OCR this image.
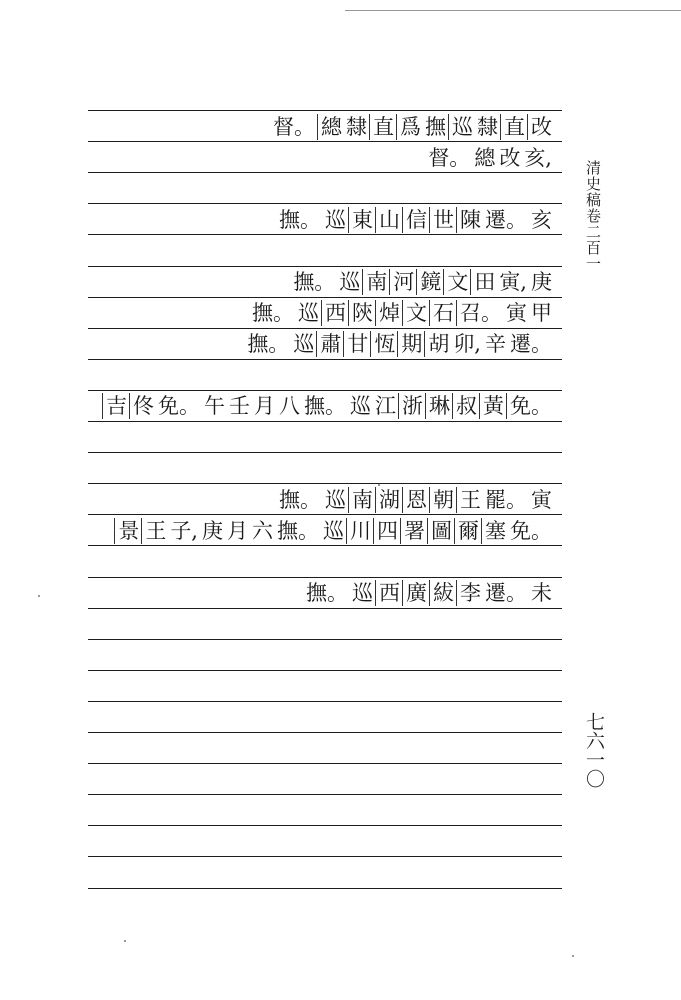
督。 總 隸 直 爲 撫 巡 隸 直 改
督。 總 改 亥,
撫。 巡 東 山 信 世 陳 遷。 亥
撫。 巡 南 河 鏡 文 田 寅, 庚
撫。 巡 西 陝 焯 文 石 召。 寅 甲
撫。 巡 肅 甘 恆 期 胡 卯, 辛 遷。
吉 佟 免。 午 壬 月 八 撫。 巡 江 浙 琳 叔 黃 免。
撫。 巡 南 湖 恩 朝 王 罷。 寅
景 王 子, 庚 月 六 撫。 巡 川 四 署 圖 爾 塞 免。
撫。 巡 西 廣 紱 李 遷。 未
清史稿卷二百一
七六一〇
